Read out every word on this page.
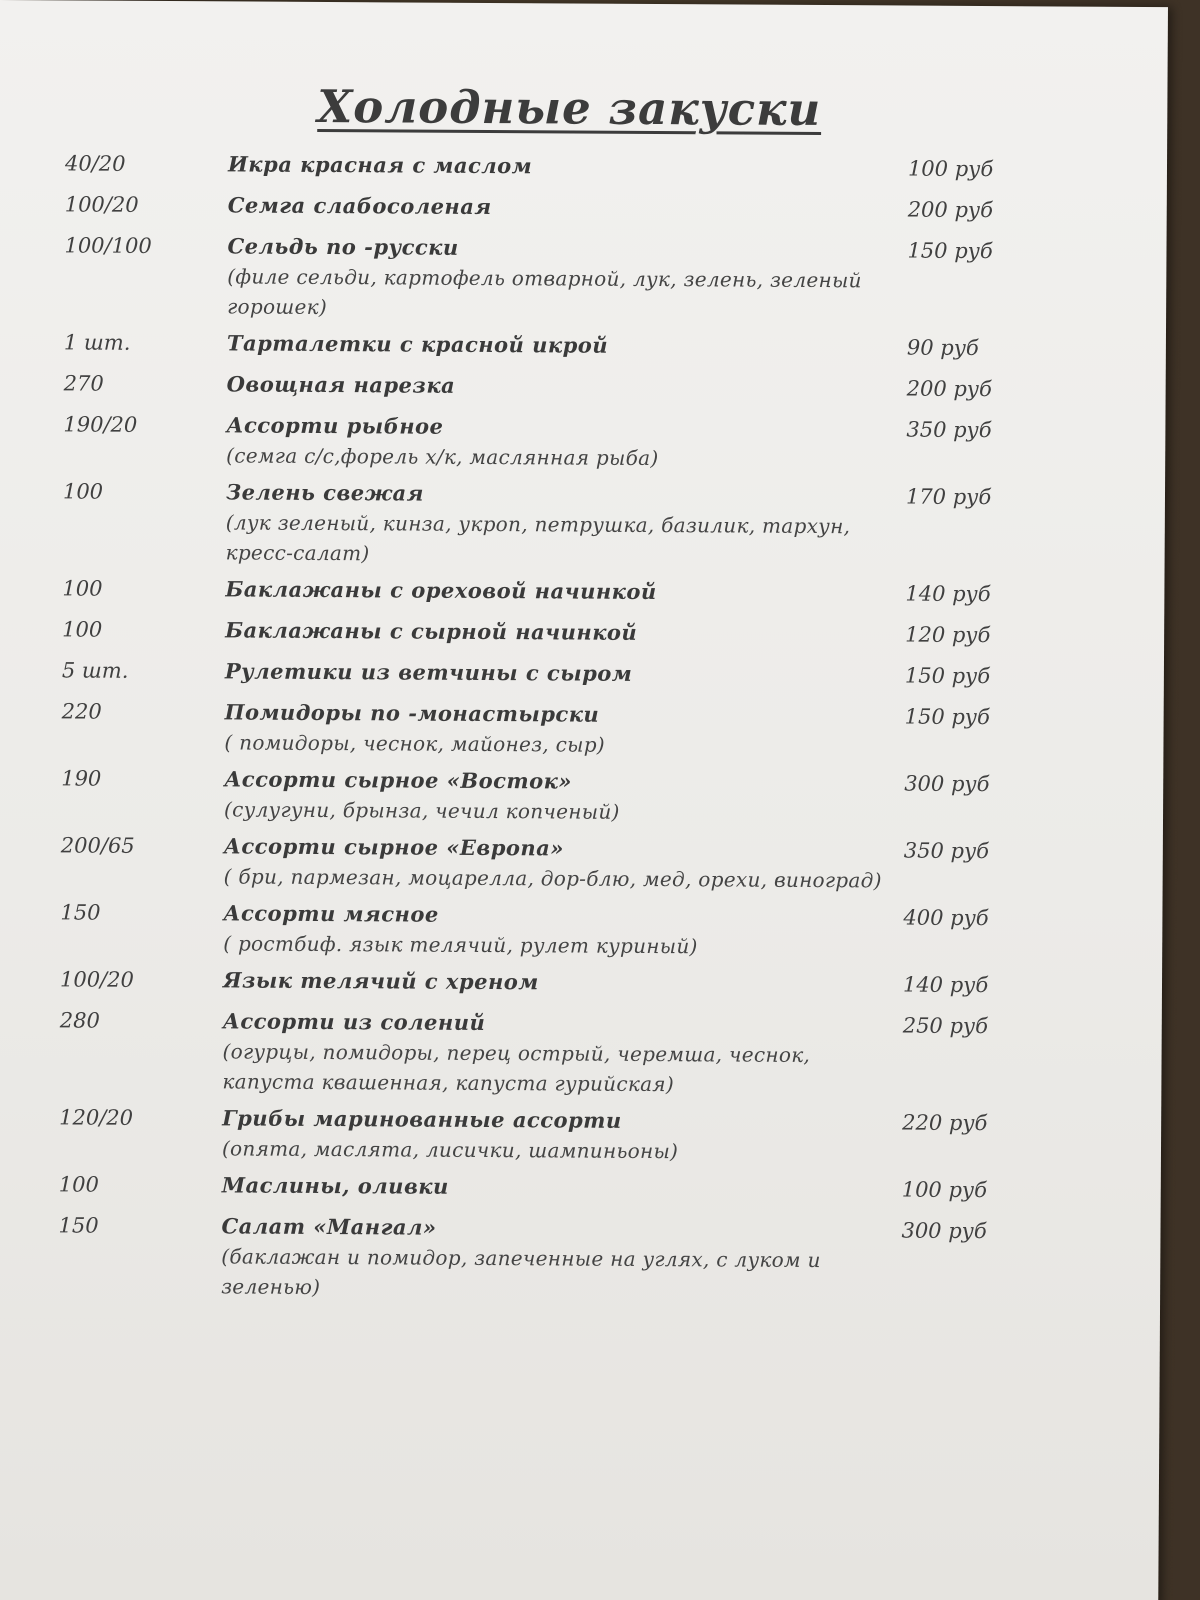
Холодные закуски
40/20	Икра красная с маслом	100 руб
100/20	Семга слабосоленая	200 руб
100/100	Сельдь по -русски
(филе сельди, картофель отварной, лук, зелень, зеленый горошек)
150 руб
1 шт.	Тарталетки с красной икрой	90 руб
270	Овощная нарезка	200 руб
190/20	Ассорти рыбное
(семга с/с,форель х/к, масляннaя рыба)
350 руб
100	Зелень свежая
(лук зеленый, кинза, укроп, петрушка, базилик, тархун, кресс-салат)
170 руб
100	Баклажаны с ореховой начинкой	140 руб
100	Баклажаны с сырной начинкой	120 руб
5 шт.	Рулетики из ветчины с сыром	150 руб
220	Помидоры по -монастырски
( помидоры, чеснок, майонез, сыр)
150 руб
190	Ассорти сырное «Восток»
(сулугуни, брынза, чечил копченый)
300 руб
200/65	Ассорти сырное «Европа»
( бри, пармезан, моцарелла, дор-блю, мед, орехи, виноград)
350 руб
150	Ассорти мясное
( ростбиф. язык телячий, рулет куриный)
400 руб
100/20	Язык телячий с хреном	140 руб
280	Ассорти из солений
(огурцы, помидоры, перец острый, черемша, чеснок, капуста квашенная, капуста гурийская)
250 руб
120/20	Грибы маринованные ассорти
(опята, маслята, лисички, шампиньоны)
220 руб
100	Маслины, оливки	100 руб
150	Салат «Мангал»
(баклажан и помидор, запеченные на углях, с луком и зеленью)
300 руб
